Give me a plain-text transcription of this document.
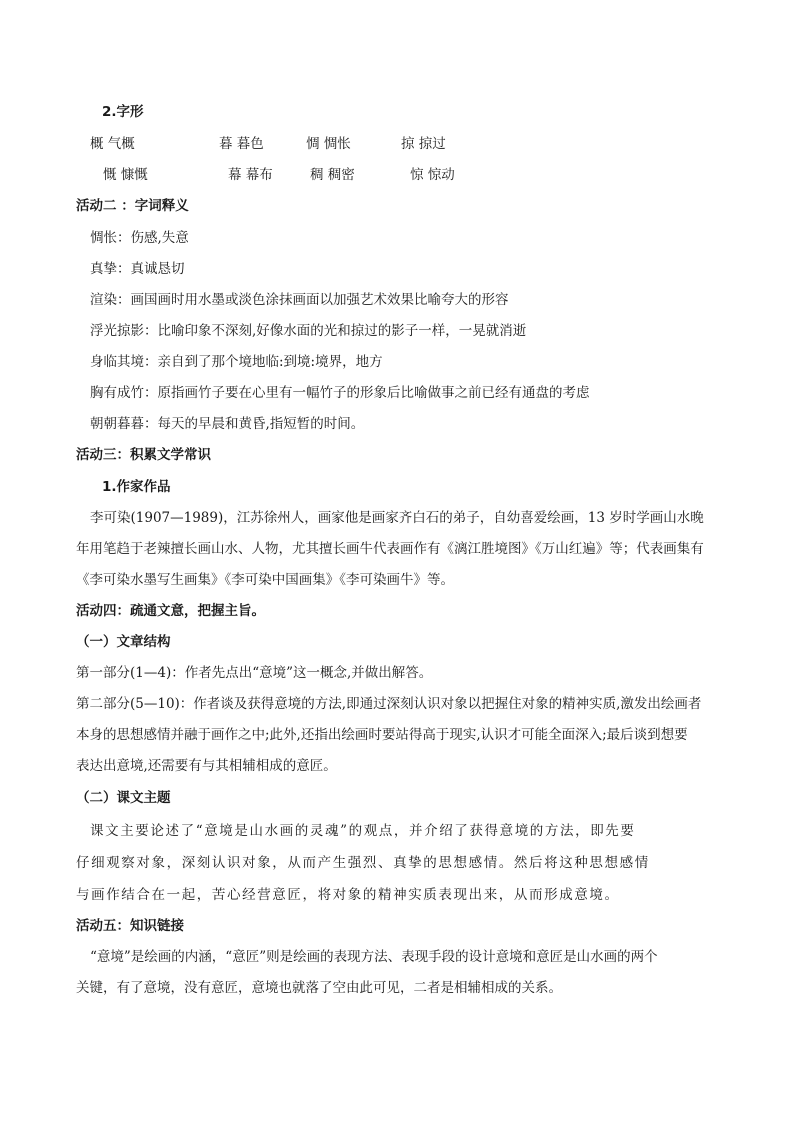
2.字形
概 气概	暮 暮色	惆 惆怅	掠 掠过
慨 慷慨	幕 幕布	稠 稠密	惊 惊动
活动二 ：字词释义
惆怅：伤感,失意
真挚：真诚恳切
渲染：画国画时用水墨或淡色涂抹画面以加强艺术效果比喻夸大的形容
浮光掠影：比喻印象不深刻,好像水面的光和掠过的影子一样，一晃就消逝
身临其境：亲自到了那个境地临:到境:境界，地方
胸有成竹：原指画竹子要在心里有一幅竹子的形象后比喻做事之前已经有通盘的考虑
朝朝暮暮：每天的早晨和黄昏,指短暂的时间。
活动三：积累文学常识
1.作家作品
李可染(1907—1989)，江苏徐州人，画家他是画家齐白石的弟子，自幼喜爱绘画，13 岁时学画山水晚
年用笔趋于老辣擅长画山水、人物，尤其擅长画牛代表画作有《漓江胜境图》《万山红遍》等；代表画集有
《李可染水墨写生画集》《李可染中国画集》《李可染画牛》等。
活动四：疏通文意，把握主旨。
（一）文章结构
第一部分(1—4)：作者先点出“意境”这一概念,并做出解答。
第二部分(5—10)：作者谈及获得意境的方法,即通过深刻认识对象以把握住对象的精神实质,激发出绘画者
本身的思想感情并融于画作之中;此外,还指出绘画时要站得高于现实,认识才可能全面深入;最后谈到想要
表达出意境,还需要有与其相辅相成的意匠。
（二）课文主题
课文主要论述了“意境是山水画的灵魂”的观点，并介绍了获得意境的方法，即先要
仔细观察对象，深刻认识对象，从而产生强烈、真挚的思想感情。然后将这种思想感情
与画作结合在一起，苦心经营意匠，将对象的精神实质表现出来，从而形成意境。
活动五：知识链接
“意境”是绘画的内涵，“意匠”则是绘画的表现方法、表现手段的设计意境和意匠是山水画的两个
关键，有了意境，没有意匠，意境也就落了空由此可见，二者是相辅相成的关系。
